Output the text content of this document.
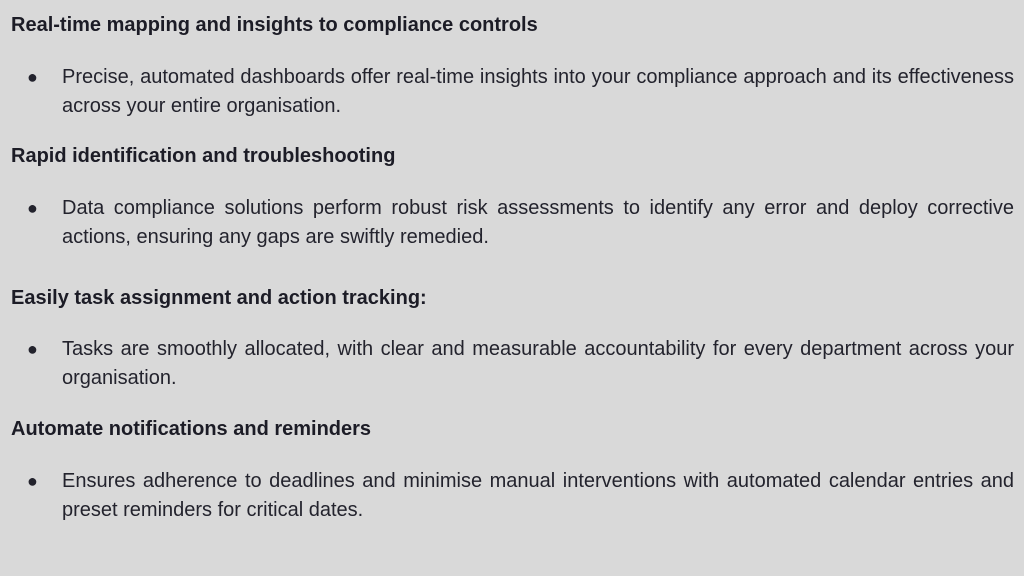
Real-time mapping and insights to compliance controls
● Precise, automated dashboards offer real-time insights into your compliance approach and its effectiveness across your entire organisation.
Rapid identification and troubleshooting
● Data compliance solutions perform robust risk assessments to identify any error and deploy corrective actions, ensuring any gaps are swiftly remedied.
Easily task assignment and action tracking:
● Tasks are smoothly allocated, with clear and measurable accountability for every department across your organisation.
Automate notifications and reminders
● Ensures adherence to deadlines and minimise manual interventions with automated calendar entries and preset reminders for critical dates.
